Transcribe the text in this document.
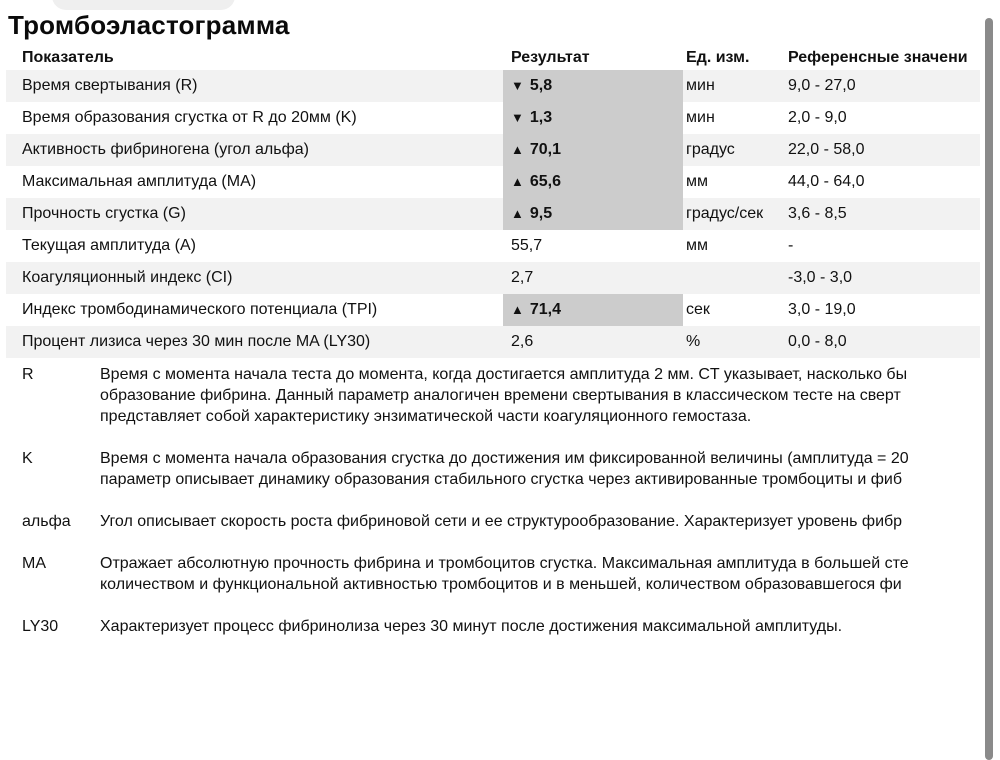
Тромбоэластограмма
Показатель	Результат	Ед. изм.	Референсные значени
Время свертывания (R)	▼ 5,8	мин	9,0 - 27,0
Время образования сгустка от R до 20мм (K)	▼ 1,3	мин	2,0 - 9,0
Активность фибриногена (угол альфа)	▲ 70,1	градус	22,0 - 58,0
Максимальная амплитуда (MA)	▲ 65,6	мм	44,0 - 64,0
Прочность сгустка (G)	▲ 9,5	градус/сек	3,6 - 8,5
Текущая амплитуда (A)	55,7	мм	-
Коагуляционный индекс (CI)	2,7		-3,0 - 3,0
Индекс тромбодинамического потенциала (TPI)	▲ 71,4	сек	3,0 - 19,0
Процент лизиса через 30 мин после MA (LY30)	2,6	%	0,0 - 8,0
R	Время с момента начала теста до момента, когда достигается амплитуда 2 мм. CT указывает, насколько бы
образование фибрина. Данный параметр аналогичен времени свертывания в классическом тесте на сверт
представляет собой характеристику энзиматической части коагуляционного гемостаза.
K	Время с момента начала образования сгустка до достижения им фиксированной величины (амплитуда = 20
параметр описывает динамику образования стабильного сгустка через активированные тромбоциты и фиб
альфа	Угол описывает скорость роста фибриновой сети и ее структурообразование. Характеризует уровень фибр
MA	Отражает абсолютную прочность фибрина и тромбоцитов сгустка. Максимальная амплитуда в большей сте
количеством и функциональной активностью тромбоцитов и в меньшей, количеством образовавшегося фи
LY30	Характеризует процесс фибринолиза через 30 минут после достижения максимальной амплитуды.
